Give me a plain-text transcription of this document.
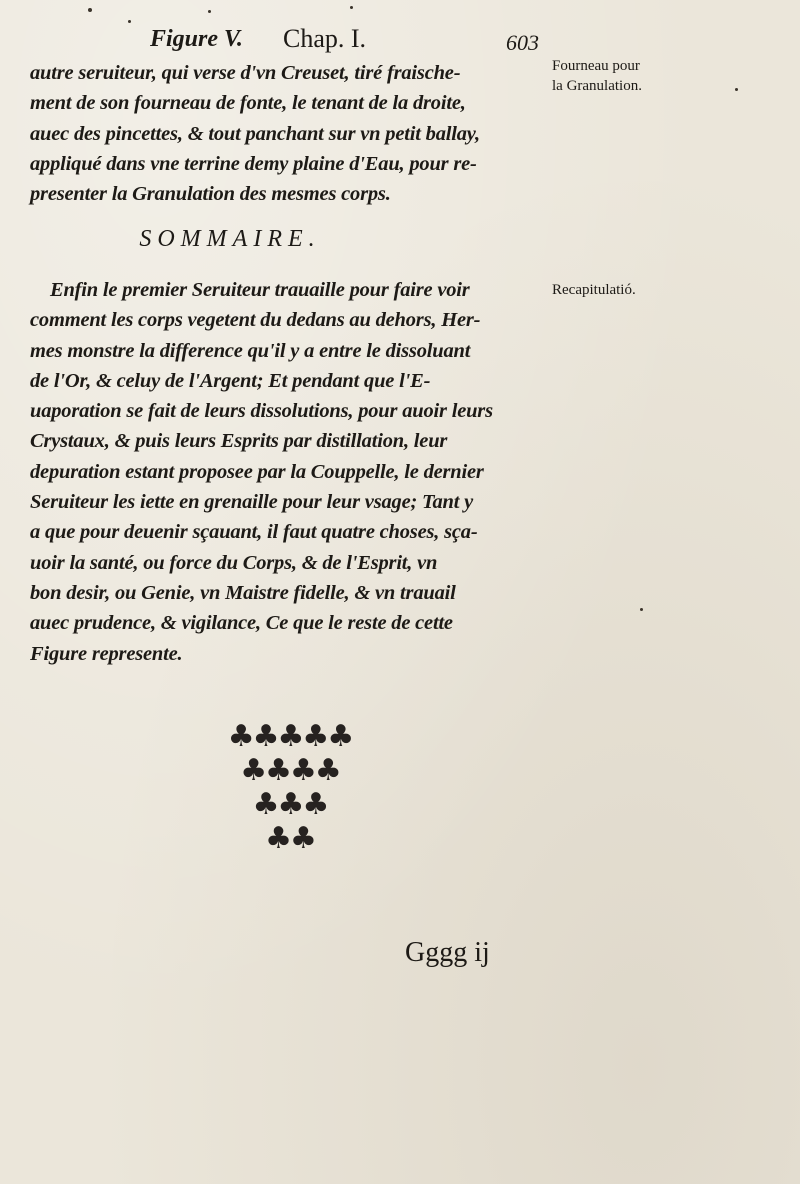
Figure V. Chap. I.	603
autre seruiteur, qui verse d'vn Creuset, tiré fraische-
ment de son fourneau de fonte, le tenant de la droite,
auec des pincettes, & tout panchant sur vn petit ballay,
appliqué dans vne terrine demy plaine d'Eau, pour re-
presenter la Granulation des mesmes corps.
Fourneau pour
la Granulation.
SOMMAIRE.
Enfin le premier Seruiteur trauaille pour faire voir
comment les corps vegetent du dedans au dehors, Her-
mes monstre la difference qu'il y a entre le dissoluant
de l'Or, & celuy de l'Argent; Et pendant que l'E-
uaporation se fait de leurs dissolutions, pour auoir leurs
Crystaux, & puis leurs Esprits par distillation, leur
depuration estant proposee par la Couppelle, le dernier
Seruiteur les iette en grenaille pour leur vsage; Tant y
a que pour deuenir sçauant, il faut quatre choses, sça-
uoir la santé, ou force du Corps, & de l'Esprit, vn
bon desir, ou Genie, vn Maistre fidelle, & vn trauail
auec prudence, & vigilance, Ce que le reste de cette
Figure represente.
Recapitulatió.
♣♣♣♣♣
♣♣♣♣
♣♣♣
♣♣
Gggg ij
